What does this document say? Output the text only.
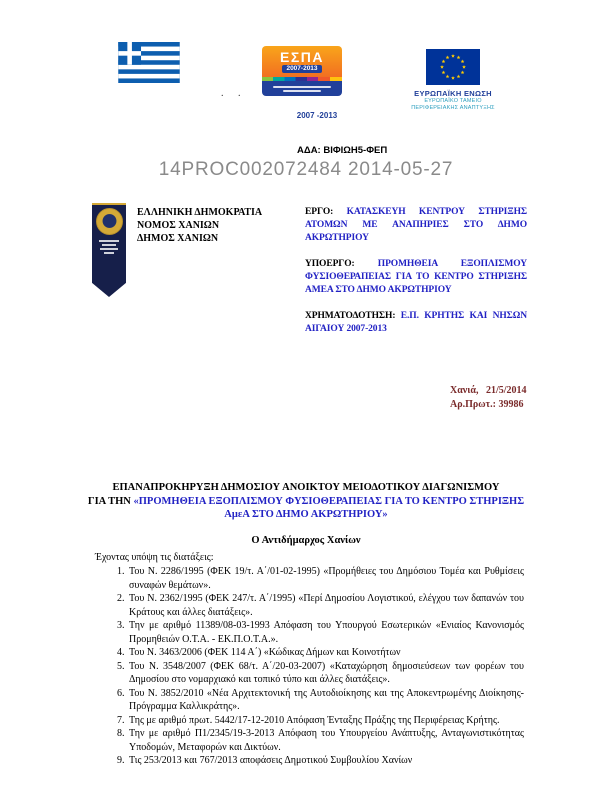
ΕΣΠΑ
2007-2013
2007 -2013
ΕΥΡΩΠΑΪΚΗ ΕΝΩΣΗ
ΕΥΡΩΠΑΪΚΟ ΤΑΜΕΙΟ
ΠΕΡΙΦΕΡΕΙΑΚΗΣ ΑΝΑΠΤΥΞΗΣ
. .
ΑΔΑ: ΒΙΦΙΩΗ5-ΦΕΠ
14PROC002072484 2014-05-27
ΕΛΛΗΝΙΚΗ ΔΗΜΟΚΡΑΤΙΑ
ΝΟΜΟΣ ΧΑΝΙΩΝ
ΔΗΜΟΣ ΧΑΝΙΩΝ

ΕΡΓΟ: ΚΑΤΑΣΚΕΥΗ ΚΕΝΤΡΟΥ ΣΤΗΡΙΞΗΣ ΑΤΟΜΩΝ ΜΕ ΑΝΑΠΗΡΙΕΣ ΣΤΟ ΔΗΜΟ ΑΚΡΩΤΗΡΙΟΥ

ΥΠΟΕΡΓΟ: ΠΡΟΜΗΘΕΙΑ ΕΞΟΠΛΙΣΜΟΥ ΦΥΣΙΟΘΕΡΑΠΕΙΑΣ ΓΙΑ ΤΟ ΚΕΝΤΡΟ ΣΤΗΡΙΞΗΣ ΑΜΕΑ ΣΤΟ ΔΗΜΟ ΑΚΡΩΤΗΡΙΟΥ

ΧΡΗΜΑΤΟΔΟΤΗΣΗ: Ε.Π. ΚΡΗΤΗΣ ΚΑΙ ΝΗΣΩΝ ΑΙΓΑΙΟΥ 2007-2013

Χανιά,   21/5/2014
Αρ.Πρωτ.: 39986
ΕΠΑΝΑΠΡΟΚΗΡΥΞΗ ΔΗΜΟΣΙΟΥ ΑΝΟΙΚΤΟΥ ΜΕΙΟΔΟΤΙΚΟΥ ΔΙΑΓΩΝΙΣΜΟΥ
ΓΙΑ ΤΗΝ «ΠΡΟΜΗΘΕΙΑ ΕΞΟΠΛΙΣΜΟΥ ΦΥΣΙΟΘΕΡΑΠΕΙΑΣ ΓΙΑ ΤΟ ΚΕΝΤΡΟ ΣΤΗΡΙΞΗΣ ΑμεΑ ΣΤΟ ΔΗΜΟ ΑΚΡΩΤΗΡΙΟΥ»
Ο Αντιδήμαρχος Χανίων
Έχοντας υπόψη τις διατάξεις:
1. Του Ν. 2286/1995 (ΦΕΚ 19/τ. Α΄/01-02-1995) «Προμήθειες του Δημόσιου Τομέα και Ρυθμίσεις συναφών θεμάτων».
2. Του Ν. 2362/1995 (ΦΕΚ 247/τ. Α΄/1995) «Περί Δημοσίου Λογιστικού, ελέγχου των δαπανών του Κράτους και άλλες διατάξεις».
3. Την με αριθμό 11389/08-03-1993 Απόφαση του Υπουργού Εσωτερικών «Ενιαίος Κανονισμός Προμηθειών Ο.Τ.Α. - ΕΚ.Π.Ο.Τ.Α.».
4. Του Ν. 3463/2006 (ΦΕΚ 114 Α΄) «Κώδικας Δήμων και Κοινοτήτων
5. Του Ν. 3548/2007 (ΦΕΚ 68/τ. Α΄/20-03-2007) «Καταχώρηση δημοσιεύσεων των φορέων του Δημοσίου στο νομαρχιακό και τοπικό τύπο και άλλες διατάξεις».
6. Του Ν. 3852/2010 «Νέα Αρχιτεκτονική της Αυτοδιοίκησης και της Αποκεντρωμένης Διοίκησης-Πρόγραμμα Καλλικράτης».
7. Της με αριθμό πρωτ. 5442/17-12-2010 Απόφαση Ένταξης Πράξης της Περιφέρειας Κρήτης.
8. Την με αριθμό Π1/2345/19-3-2013 Απόφαση του Υπουργείου Ανάπτυξης, Ανταγωνιστικότητας Υποδομών, Μεταφορών και Δικτύων.
9. Τις 253/2013 και 767/2013 αποφάσεις Δημοτικού Συμβουλίου Χανίων
